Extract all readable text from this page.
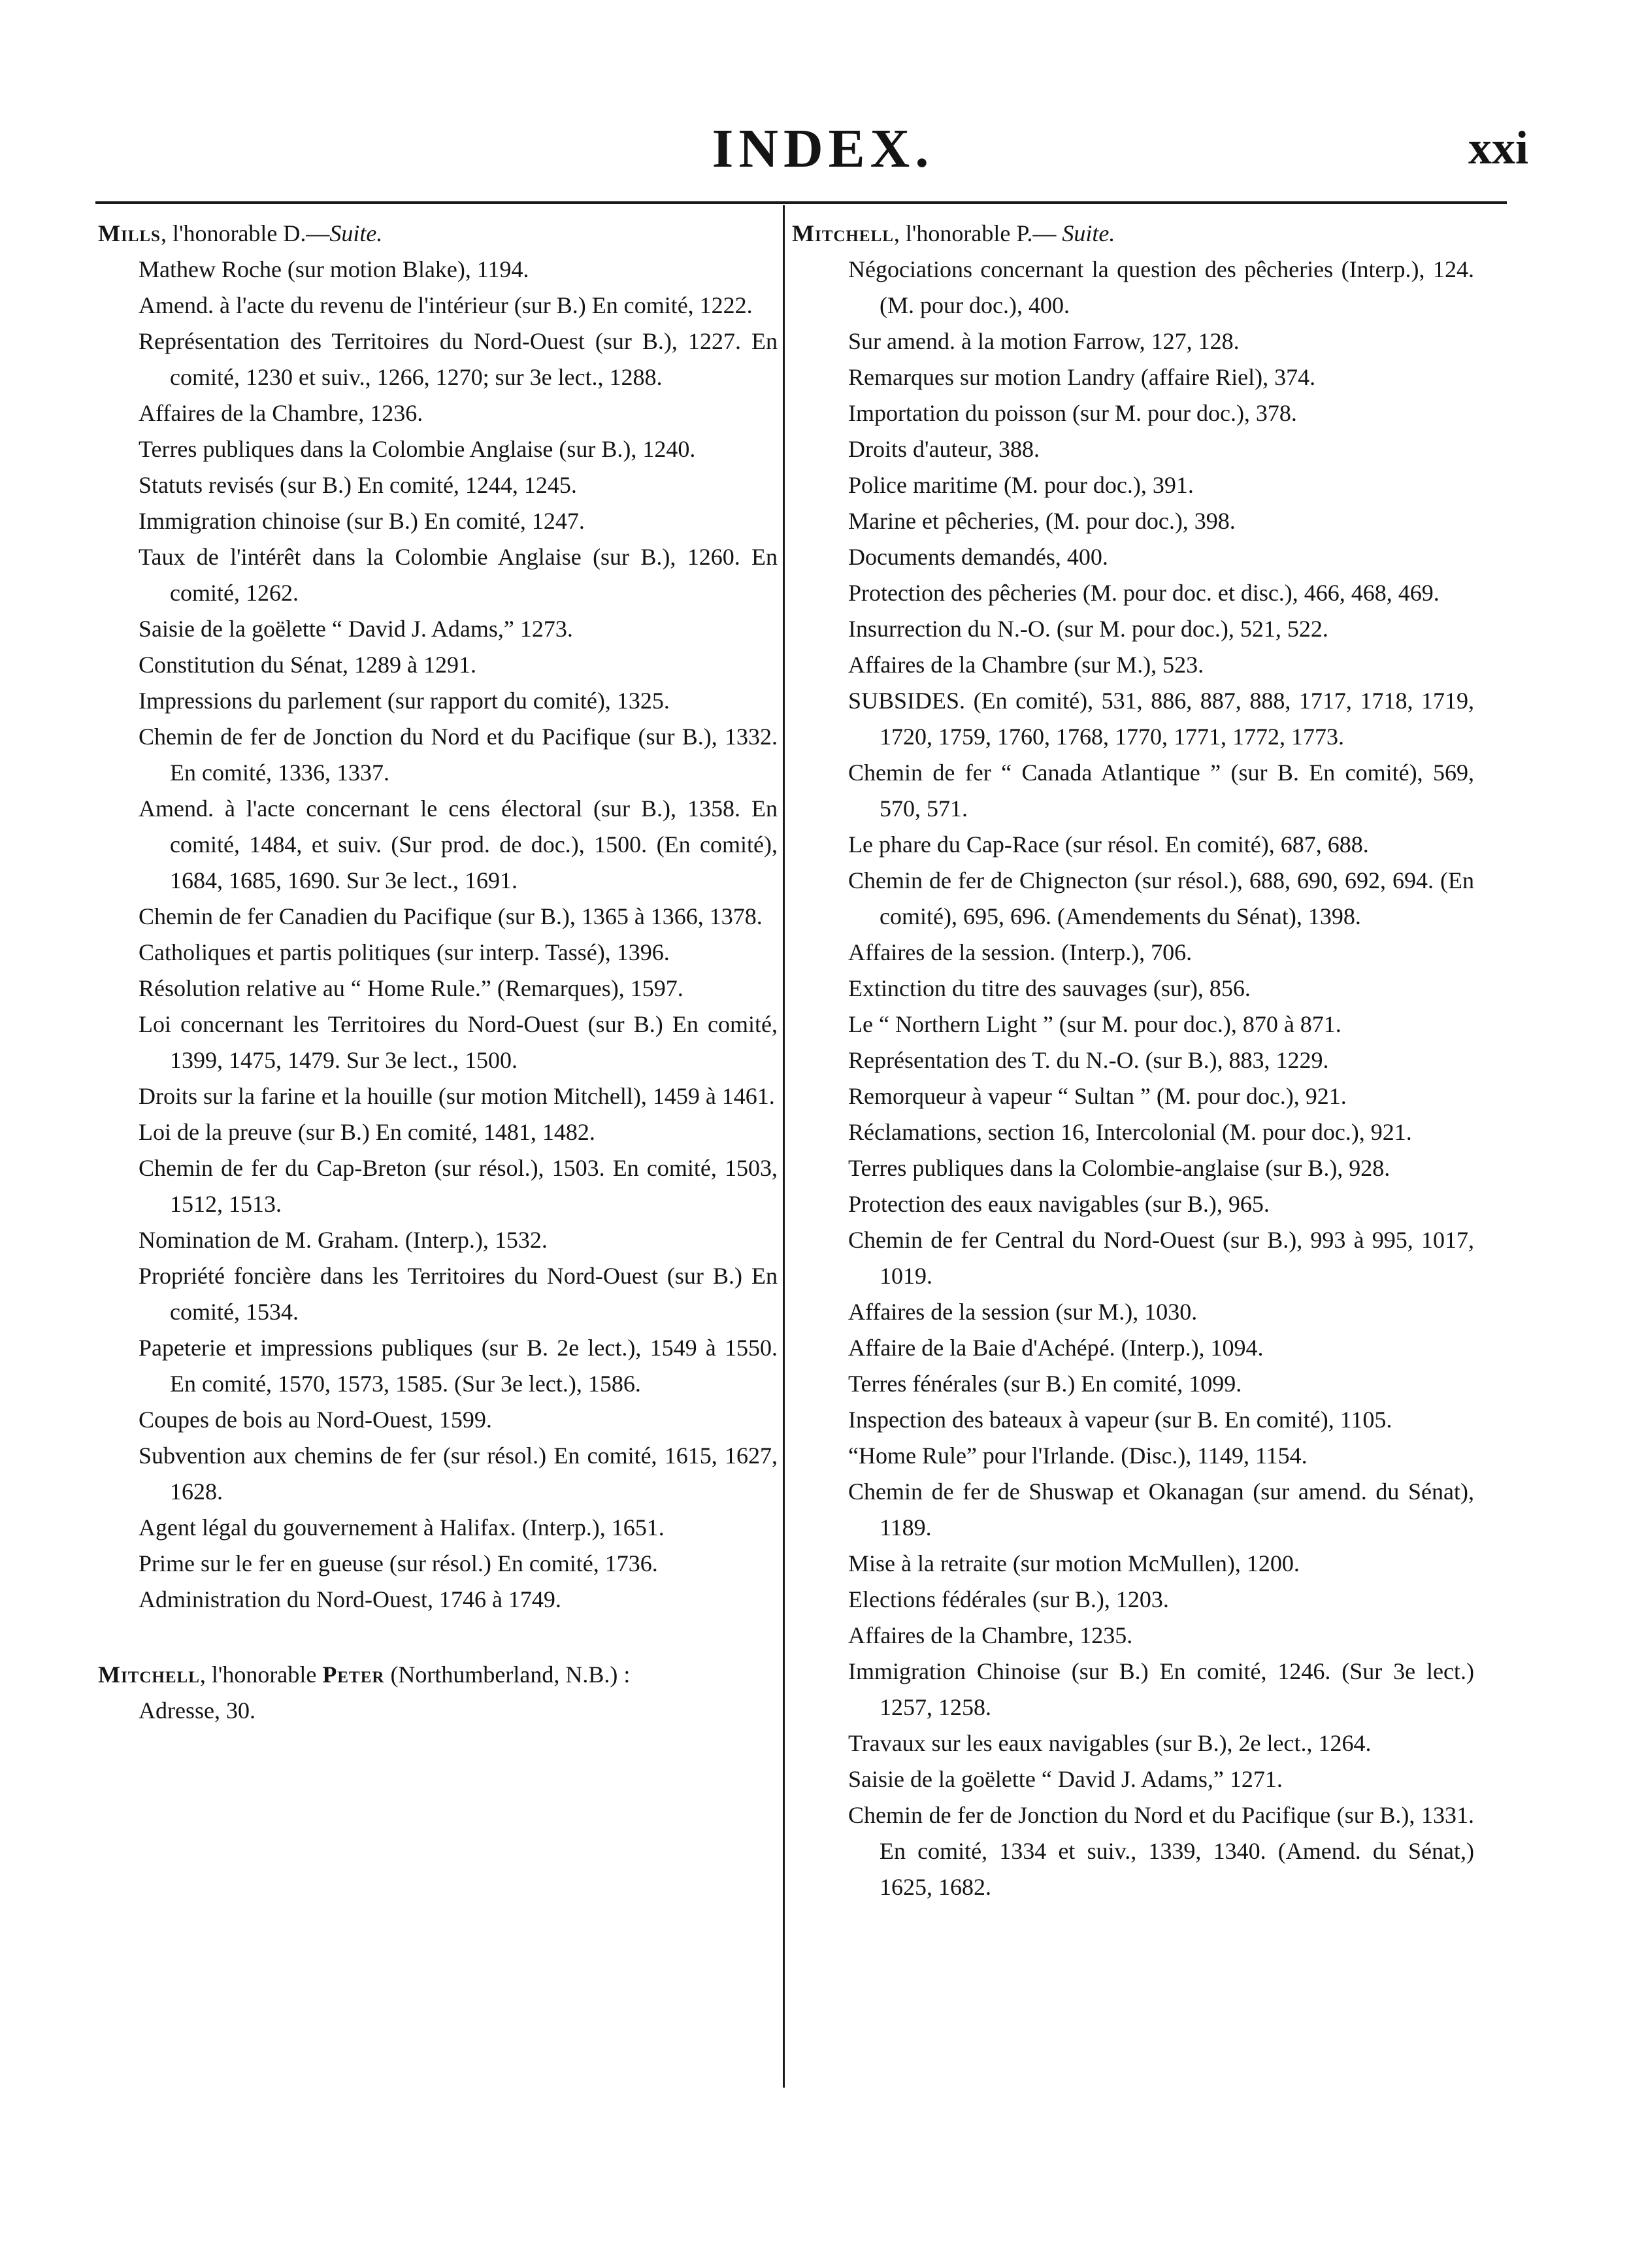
INDEX.	xxi

Mills, l'honorable D.—Suite.

Mathew Roche (sur motion Blake), 1194.

Amend. à l'acte du revenu de l'intérieur (sur B.) En comité, 1222.

Représentation des Territoires du Nord-Ouest (sur B.), 1227. En comité, 1230 et suiv., 1266, 1270; sur 3e lect., 1288.

Affaires de la Chambre, 1236.

Terres publiques dans la Colombie Anglaise (sur B.), 1240.

Statuts revisés (sur B.) En comité, 1244, 1245.

Immigration chinoise (sur B.) En comité, 1247.

Taux de l'intérêt dans la Colombie Anglaise (sur B.), 1260. En comité, 1262.

Saisie de la goëlette “ David J. Adams,” 1273.

Constitution du Sénat, 1289 à 1291.

Impressions du parlement (sur rapport du comité), 1325.

Chemin de fer de Jonction du Nord et du Pacifique (sur B.), 1332. En comité, 1336, 1337.

Amend. à l'acte concernant le cens électoral (sur B.), 1358. En comité, 1484, et suiv. (Sur prod. de doc.), 1500. (En comité), 1684, 1685, 1690. Sur 3e lect., 1691.

Chemin de fer Canadien du Pacifique (sur B.), 1365 à 1366, 1378.

Catholiques et partis politiques (sur interp. Tassé), 1396.

Résolution relative au “ Home Rule.” (Remarques), 1597.

Loi concernant les Territoires du Nord-Ouest (sur B.) En comité, 1399, 1475, 1479. Sur 3e lect., 1500.

Droits sur la farine et la houille (sur motion Mitchell), 1459 à 1461.

Loi de la preuve (sur B.) En comité, 1481, 1482.

Chemin de fer du Cap-Breton (sur résol.), 1503. En comité, 1503, 1512, 1513.

Nomination de M. Graham. (Interp.), 1532.

Propriété foncière dans les Territoires du Nord-Ouest (sur B.) En comité, 1534.

Papeterie et impressions publiques (sur B. 2e lect.), 1549 à 1550. En comité, 1570, 1573, 1585. (Sur 3e lect.), 1586.

Coupes de bois au Nord-Ouest, 1599.

Subvention aux chemins de fer (sur résol.) En comité, 1615, 1627, 1628.

Agent légal du gouvernement à Halifax. (Interp.), 1651.

Prime sur le fer en gueuse (sur résol.) En comité, 1736.

Administration du Nord-Ouest, 1746 à 1749.

Mitchell, l'honorable Peter (Northumberland, N.B.) :

Adresse, 30.

Mitchell, l'honorable P.— Suite.

Négociations concernant la question des pêcheries (Interp.), 124. (M. pour doc.), 400.

Sur amend. à la motion Farrow, 127, 128.

Remarques sur motion Landry (affaire Riel), 374.

Importation du poisson (sur M. pour doc.), 378.

Droits d'auteur, 388.

Police maritime (M. pour doc.), 391.

Marine et pêcheries, (M. pour doc.), 398.

Documents demandés, 400.

Protection des pêcheries (M. pour doc. et disc.), 466, 468, 469.

Insurrection du N.-O. (sur M. pour doc.), 521, 522.

Affaires de la Chambre (sur M.), 523.

SUBSIDES. (En comité), 531, 886, 887, 888, 1717, 1718, 1719, 1720, 1759, 1760, 1768, 1770, 1771, 1772, 1773.

Chemin de fer “ Canada Atlantique ” (sur B. En comité), 569, 570, 571.

Le phare du Cap-Race (sur résol. En comité), 687, 688.

Chemin de fer de Chignecton (sur résol.), 688, 690, 692, 694. (En comité), 695, 696. (Amendements du Sénat), 1398.

Affaires de la session. (Interp.), 706.

Extinction du titre des sauvages (sur), 856.

Le “ Northern Light ” (sur M. pour doc.), 870 à 871.

Représentation des T. du N.-O. (sur B.), 883, 1229.

Remorqueur à vapeur “ Sultan ” (M. pour doc.), 921.

Réclamations, section 16, Intercolonial (M. pour doc.), 921.

Terres publiques dans la Colombie-anglaise (sur B.), 928.

Protection des eaux navigables (sur B.), 965.

Chemin de fer Central du Nord-Ouest (sur B.), 993 à 995, 1017, 1019.

Affaires de la session (sur M.), 1030.

Affaire de la Baie d'Achépé. (Interp.), 1094.

Terres fénérales (sur B.) En comité, 1099.

Inspection des bateaux à vapeur (sur B. En comité), 1105.

“Home Rule” pour l'Irlande. (Disc.), 1149, 1154.

Chemin de fer de Shuswap et Okanagan (sur amend. du Sénat), 1189.

Mise à la retraite (sur motion McMullen), 1200.

Elections fédérales (sur B.), 1203.

Affaires de la Chambre, 1235.

Immigration Chinoise (sur B.) En comité, 1246. (Sur 3e lect.) 1257, 1258.

Travaux sur les eaux navigables (sur B.), 2e lect., 1264.

Saisie de la goëlette “ David J. Adams,” 1271.

Chemin de fer de Jonction du Nord et du Pacifique (sur B.), 1331. En comité, 1334 et suiv., 1339, 1340. (Amend. du Sénat,) 1625, 1682.
